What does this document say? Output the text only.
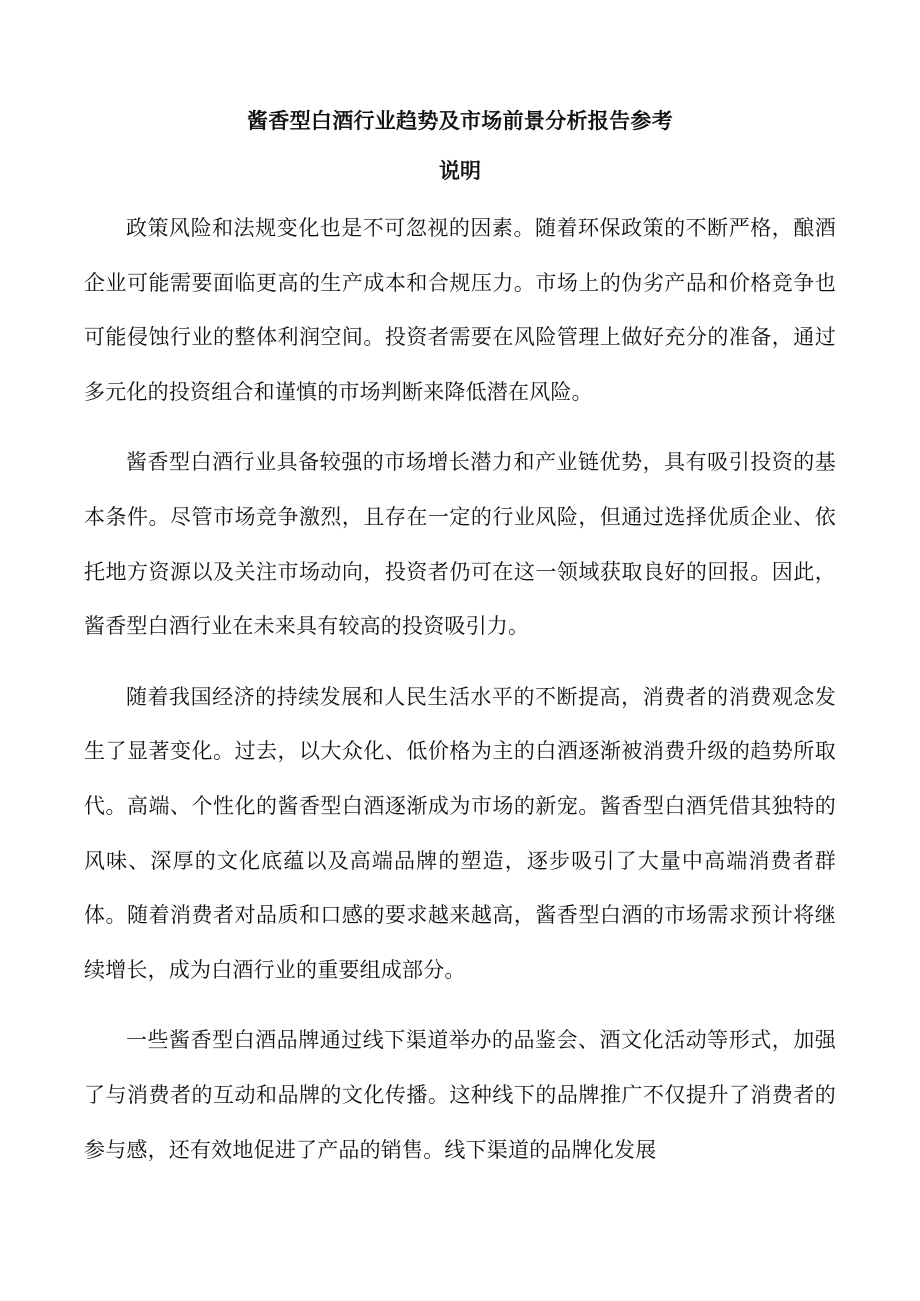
酱香型白酒行业趋势及市场前景分析报告参考
说明

政策风险和法规变化也是不可忽视的因素。随着环保政策的不断严格，酿酒企业可能需要面临更高的生产成本和合规压力。市场上的伪劣产品和价格竞争也可能侵蚀行业的整体利润空间。投资者需要在风险管理上做好充分的准备，通过多元化的投资组合和谨慎的市场判断来降低潜在风险。

酱香型白酒行业具备较强的市场增长潜力和产业链优势，具有吸引投资的基本条件。尽管市场竞争激烈，且存在一定的行业风险，但通过选择优质企业、依托地方资源以及关注市场动向，投资者仍可在这一领域获取良好的回报。因此，酱香型白酒行业在未来具有较高的投资吸引力。

随着我国经济的持续发展和人民生活水平的不断提高，消费者的消费观念发生了显著变化。过去，以大众化、低价格为主的白酒逐渐被消费升级的趋势所取代。高端、个性化的酱香型白酒逐渐成为市场的新宠。酱香型白酒凭借其独特的风味、深厚的文化底蕴以及高端品牌的塑造，逐步吸引了大量中高端消费者群体。随着消费者对品质和口感的要求越来越高，酱香型白酒的市场需求预计将继续增长，成为白酒行业的重要组成部分。

一些酱香型白酒品牌通过线下渠道举办的品鉴会、酒文化活动等形式，加强了与消费者的互动和品牌的文化传播。这种线下的品牌推广不仅提升了消费者的参与感，还有效地促进了产品的销售。线下渠道的品牌化发展
